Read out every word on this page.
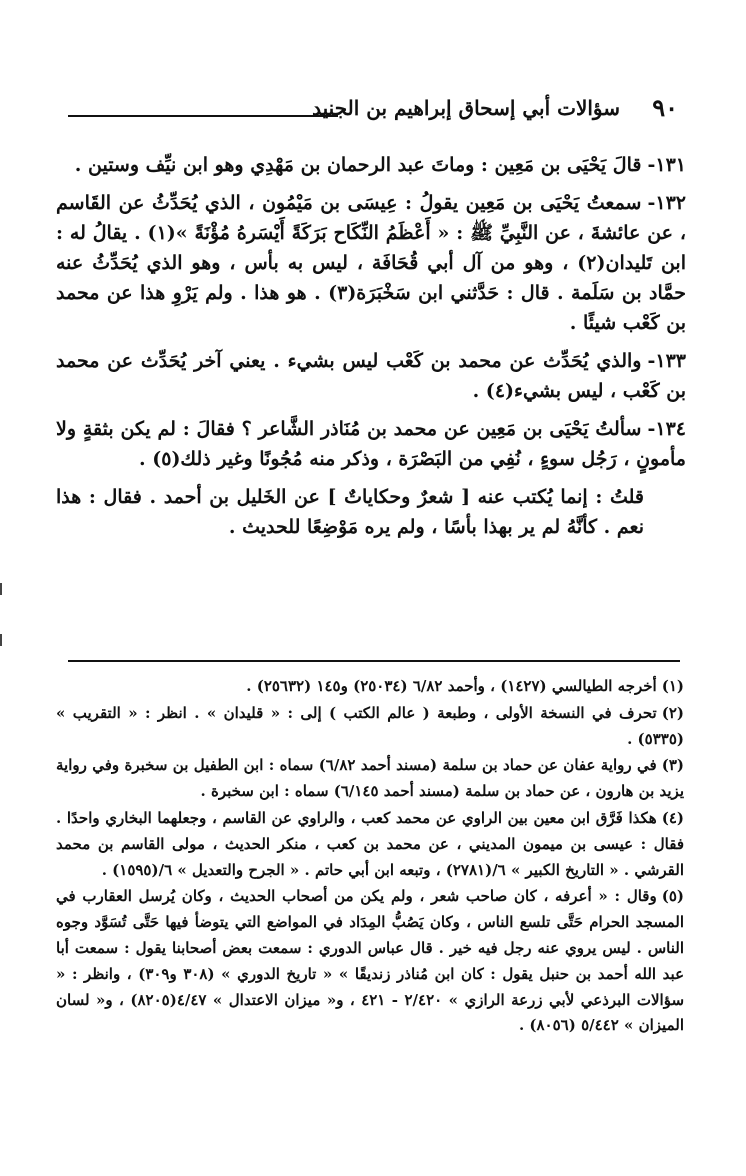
٩٠
سؤالات أبي إسحاق إبراهيم بن الجنيد

١٣١-قالَ يَحْيَى بن مَعِين : وماتَ عبد الرحمان بن مَهْدِي وهو ابن نيِّف وستين .

١٣٢-سمعتُ يَحْيَى بن مَعِين يقولُ : عِيسَى بن مَيْمُون ، الذي يُحَدِّثُ عن القَاسم ، عن عائشةَ ، عن النَّبِيِّ ﷺ : « أَعْظَمُ النِّكَاح بَرَكَةً أَيْسَرهُ مُؤْنَةً »(١) . يقالُ له : ابن تَليدان(٢) ، وهو من آل أبي قُحَافَة ، ليس به بأس ، وهو الذي يُحَدِّثُ عنه حمَّاد بن سَلَمة . قال : حَدَّثني ابن سَخْبَرَة(٣) . هو هذا . ولم يَرْوِ هذا عن محمد بن كَعْب شيئًا .

١٣٣-والذي يُحَدِّث عن محمد بن كَعْب ليس بشيء . يعني آخر يُحَدِّث عن محمد بن كَعْب ، ليس بشيء(٤) .

١٣٤-سألتُ يَحْيَى بن مَعِين عن محمد بن مُنَاذر الشَّاعر ؟ فقالَ : لم يكن بثقةٍ ولا مأمونٍ ، رَجُل سوءٍ ، نُفِي من البَصْرَة ، وذكر منه مُجُونًا وغير ذلك(٥) .

قلتُ : إنما يُكتب عنه [ شعرٌ وحكاياتٌ ] عن الخَليل بن أحمد . فقال : هذا نعم . كأنَّهُ لم ير بهذا بأسًا ، ولم يره مَوْضِعًا للحديث .

(١)أخرجه الطيالسي (١٤٢٧) ، وأحمد ٦/٨٢ (٢٥٠٣٤) و١٤٥ (٢٥٦٣٢) .

(٢)تحرف في النسخة الأولى ، وطبعة ( عالم الكتب ) إلى : « قليدان » . انظر : « التقريب » (٥٣٣٥) .

(٣)في رواية عفان عن حماد بن سلمة (مسند أحمد ٦/٨٢) سماه : ابن الطفيل بن سخبرة وفي رواية يزيد بن هارون ، عن حماد بن سلمة (مسند أحمد ٦/١٤٥) سماه : ابن سخبرة .

(٤)هكذا فَرَّق ابن معين بين الراوي عن محمد كعب ، والراوي عن القاسم ، وجعلهما البخاري واحدًا . فقال : عيسى بن ميمون المديني ، عن محمد بن كعب ، منكر الحديث ، مولى القاسم بن محمد القرشي . « التاريخ الكبير » ٦/(٢٧٨١) ، وتبعه ابن أبي حاتم . « الجرح والتعديل » ٦/(١٥٩٥) .

(٥)وقال : « أعرفه ، كان صاحب شعر ، ولم يكن من أصحاب الحديث ، وكان يُرسل العقارب في المسجد الحرام حَتَّى تلسع الناس ، وكان يَصُبُّ المِدَاد في المواضع التي يتوضأ فيها حَتَّى تُسَوَّد وجوه الناس . ليس يروي عنه رجل فيه خير . قال عباس الدوري : سمعت بعض أصحابنا يقول : سمعت أبا عبد الله أحمد بن حنبل يقول : كان ابن مُناذر زنديقًا » « تاريخ الدوري » (٣٠٨ و٣٠٩) ، وانظر : « سؤالات البرذعي لأبي زرعة الرازي » ٢/٤٢٠ - ٤٢١ ، و« ميزان الاعتدال » ٤/٤٧(٨٢٠٥) ، و« لسان الميزان » ٥/٤٤٢ (٨٠٥٦) .
